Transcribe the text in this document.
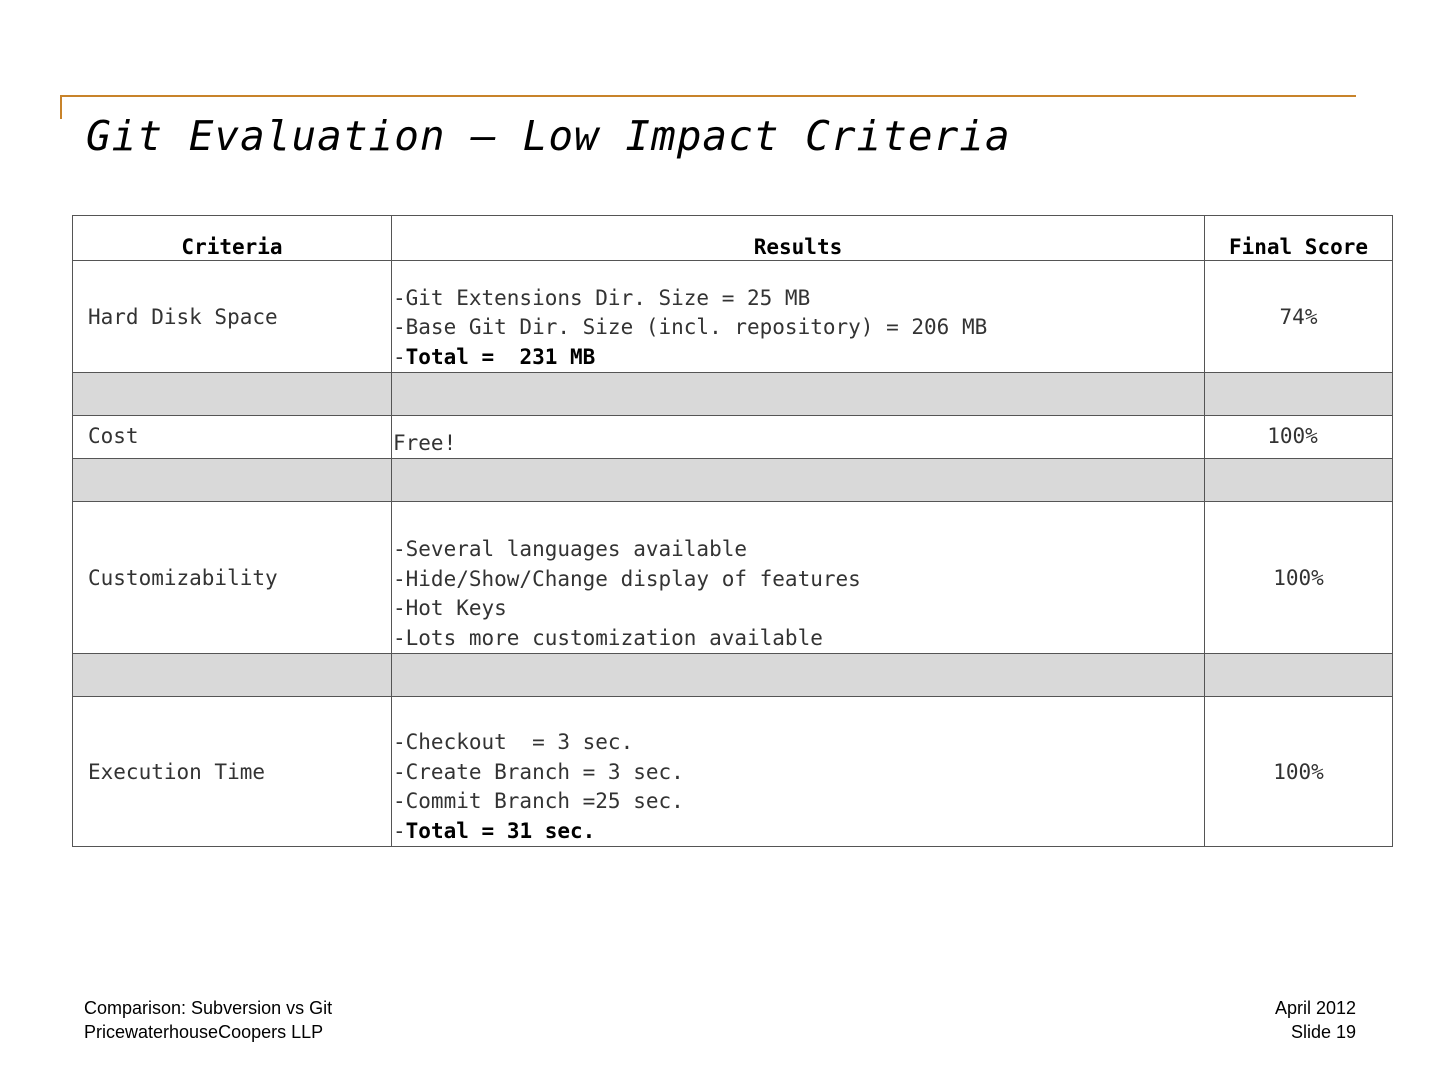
Git Evaluation — Low Impact Criteria
Criteria	Results	Final Score
Hard Disk Space	-Git Extensions Dir. Size = 25 MB
-Base Git Dir. Size (incl. repository) = 206 MB
-Total =  231 MB	74%

Cost	Free!	100%

Customizability	-Several languages available
-Hide/Show/Change display of features
-Hot Keys
-Lots more customization available	100%

Execution Time	-Checkout  = 3 sec.
-Create Branch = 3 sec.
-Commit Branch =25 sec.
-Total = 31 sec.	100%
Comparison: Subversion vs Git
PricewaterhouseCoopers LLP
April 2012
Slide 19
